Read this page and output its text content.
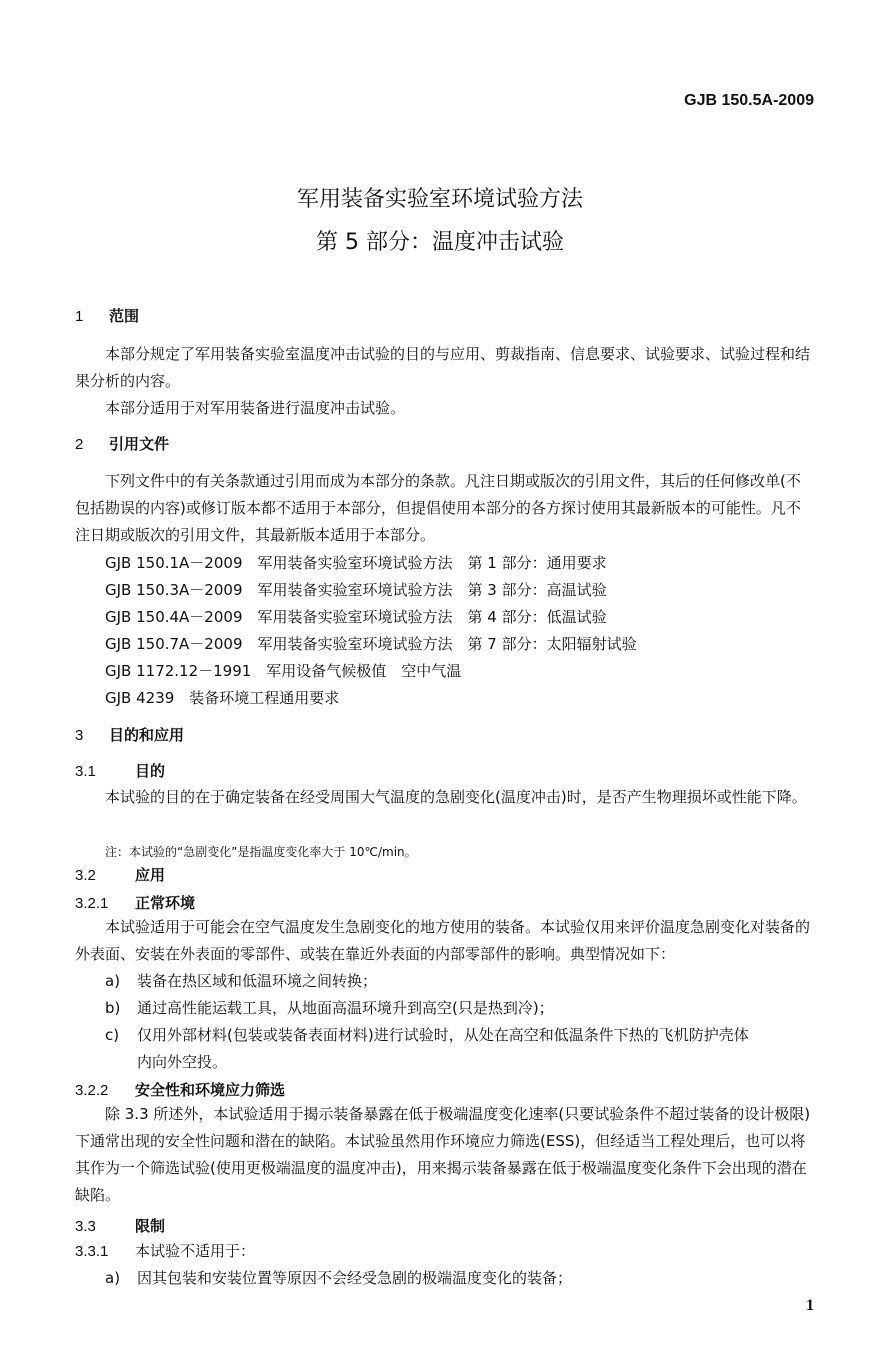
GJB 150.5A-2009
军用装备实验室环境试验方法
第 5 部分：温度冲击试验
1 范围
本部分规定了军用装备实验室温度冲击试验的目的与应用、剪裁指南、信息要求、试验要求、试验过程和结果分析的内容。
本部分适用于对军用装备进行温度冲击试验。
2 引用文件
下列文件中的有关条款通过引用而成为本部分的条款。凡注日期或版次的引用文件，其后的任何修改单(不包括勘误的内容)或修订版本都不适用于本部分，但提倡使用本部分的各方探讨使用其最新版本的可能性。凡不注日期或版次的引用文件，其最新版本适用于本部分。
GJB 150.1A－2009　军用装备实验室环境试验方法　第 1 部分：通用要求
GJB 150.3A－2009　军用装备实验室环境试验方法　第 3 部分：高温试验
GJB 150.4A－2009　军用装备实验室环境试验方法　第 4 部分：低温试验
GJB 150.7A－2009　军用装备实验室环境试验方法　第 7 部分：太阳辐射试验
GJB 1172.12－1991　军用设备气候极值　空中气温
GJB 4239　装备环境工程通用要求
3 目的和应用
3.1	目的
本试验的目的在于确定装备在经受周围大气温度的急剧变化(温度冲击)时，是否产生物理损坏或性能下降。
注：本试验的“急剧变化”是指温度变化率大于 10℃/min。
3.2	应用
3.2.1 正常环境
本试验适用于可能会在空气温度发生急剧变化的地方使用的装备。本试验仅用来评价温度急剧变化对装备的外表面、安装在外表面的零部件、或装在靠近外表面的内部零部件的影响。典型情况如下：
a) 装备在热区域和低温环境之间转换；
b) 通过高性能运载工具，从地面高温环境升到高空(只是热到冷)；
c) 仅用外部材料(包装或装备表面材料)进行试验时，从处在高空和低温条件下热的飞机防护壳体
内向外空投。
3.2.2 安全性和环境应力筛选
除 3.3 所述外，本试验适用于揭示装备暴露在低于极端温度变化速率(只要试验条件不超过装备的设计极限)下通常出现的安全性问题和潜在的缺陷。本试验虽然用作环境应力筛选(ESS)，但经适当工程处理后，也可以将其作为一个筛选试验(使用更极端温度的温度冲击)，用来揭示装备暴露在低于极端温度变化条件下会出现的潜在缺陷。
3.3	限制
3.3.1 本试验不适用于：
a) 因其包装和安装位置等原因不会经受急剧的极端温度变化的装备；
1
